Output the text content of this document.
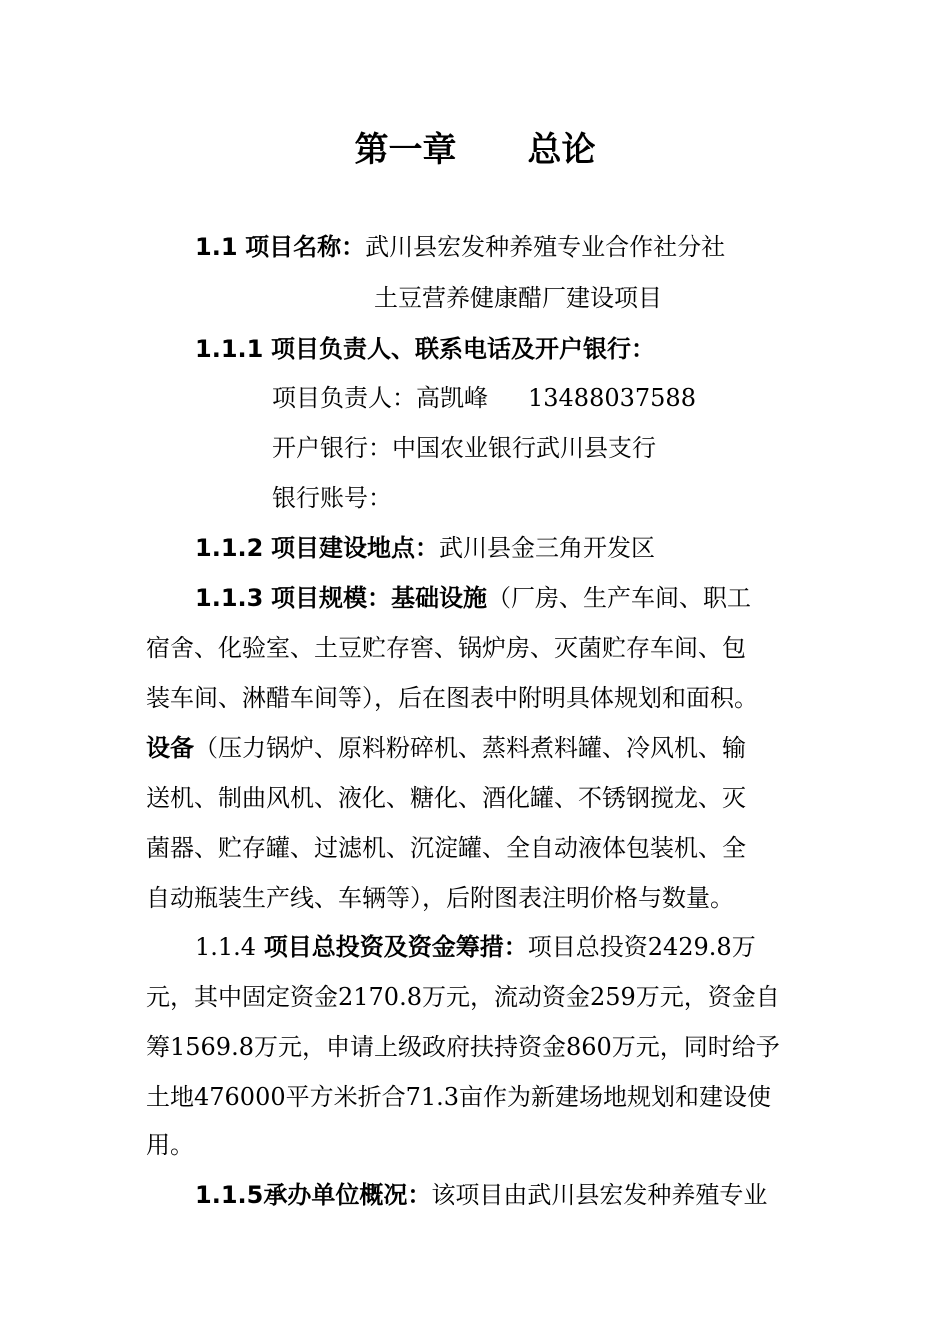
第一章      总论
1.1 项目名称：武川县宏发种养殖专业合作社分社
土豆营养健康醋厂建设项目
1.1.1 项目负责人、联系电话及开户银行：
项目负责人：高凯峰 13488037588
开户银行：中国农业银行武川县支行
银行账号：
1.1.2 项目建设地点：武川县金三角开发区
1.1.3 项目规模：基础设施（厂房、生产车间、职工
宿舍、化验室、土豆贮存窖、锅炉房、灭菌贮存车间、包
装车间、淋醋车间等），后在图表中附明具体规划和面积。
设备（压力锅炉、原料粉碎机、蒸料煮料罐、冷风机、输
送机、制曲风机、液化、糖化、酒化罐、不锈钢搅龙、灭
菌器、贮存罐、过滤机、沉淀罐、全自动液体包装机、全
自动瓶装生产线、车辆等），后附图表注明价格与数量。
1.1.4 项目总投资及资金筹措：项目总投资2429.8万
元，其中固定资金2170.8万元，流动资金259万元，资金自
筹1569.8万元，申请上级政府扶持资金860万元，同时给予
土地476000平方米折合71.3亩作为新建场地规划和建设使
用。
1.1.5承办单位概况：该项目由武川县宏发种养殖专业
